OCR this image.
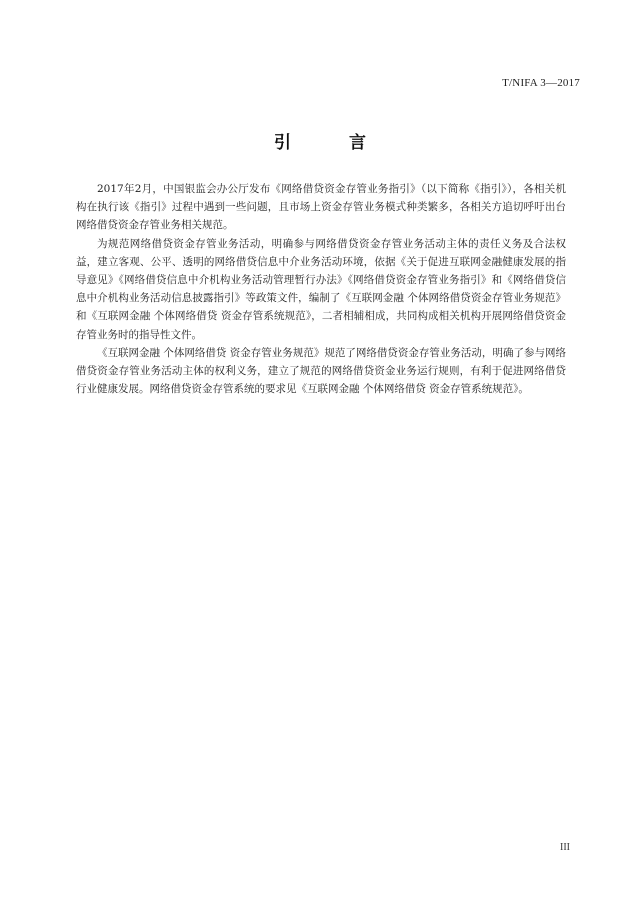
T/NIFA 3—2017
引 言

2017年2月，中国银监会办公厅发布《网络借贷资金存管业务指引》（以下简称《指引》），各相关机构在执行该《指引》过程中遇到一些问题，且市场上资金存管业务模式种类繁多，各相关方追切呼吁出台网络借贷资金存管业务相关规范。

为规范网络借贷资金存管业务活动，明确参与网络借贷资金存管业务活动主体的责任义务及合法权益，建立客观、公平、透明的网络借贷信息中介业务活动环境，依据《关于促进互联网金融健康发展的指导意见》《网络借贷信息中介机构业务活动管理暂行办法》《网络借贷资金存管业务指引》和《网络借贷信息中介机构业务活动信息披露指引》等政策文件，编制了《互联网金融 个体网络借贷资金存管业务规范》和《互联网金融 个体网络借贷 资金存管系统规范》，二者相辅相成，共同构成相关机构开展网络借贷资金存管业务时的指导性文件。

《互联网金融 个体网络借贷 资金存管业务规范》规范了网络借贷资金存管业务活动，明确了参与网络借贷资金存管业务活动主体的权利义务，建立了规范的网络借贷资金业务运行规则，有利于促进网络借贷行业健康发展。网络借贷资金存管系统的要求见《互联网金融 个体网络借贷 资金存管系统规范》。

III
